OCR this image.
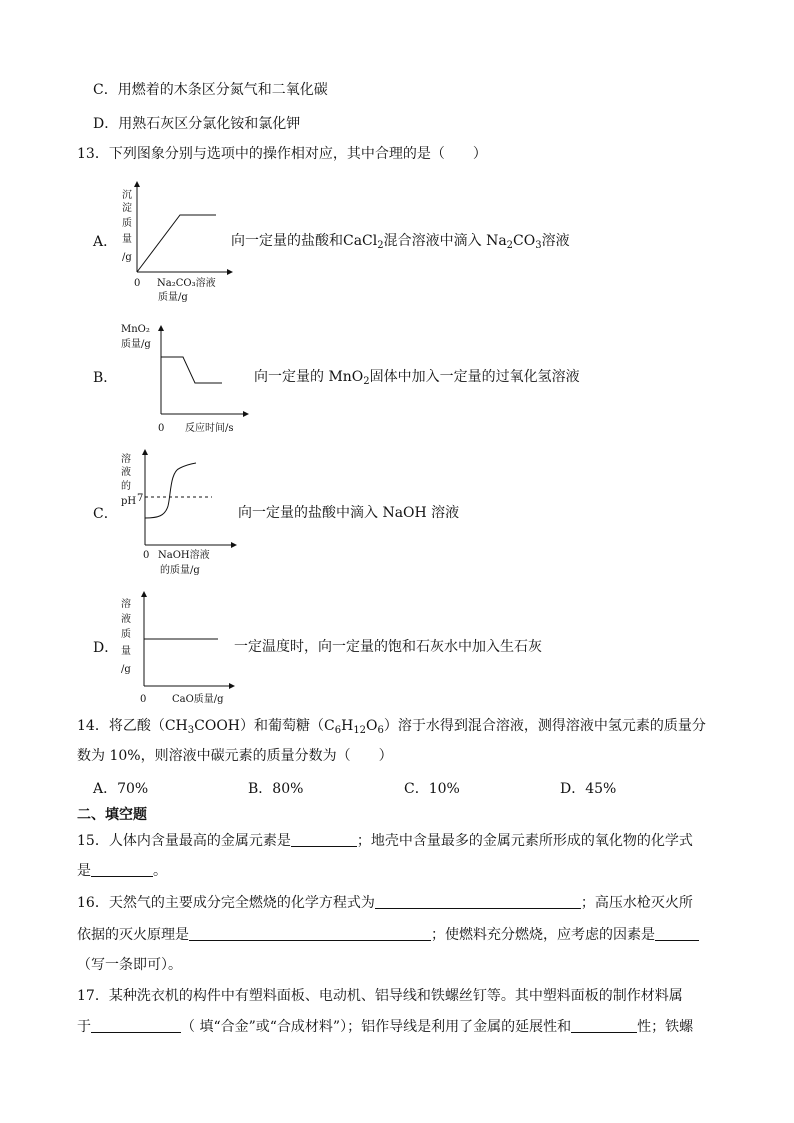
C．用燃着的木条区分氮气和二氧化碳
D．用熟石灰区分氯化铵和氯化钾
13．下列图象分别与选项中的操作相对应，其中合理的是（　　）
A．
沉
淀
质
量
/g
0 Na₂CO₃溶液
质量/g
向一定量的盐酸和CaCl$_2$混合溶液中滴入 $Na_2CO_3$溶液
B．
MnO₂
质量/g
0 反应时间/s
向一定量的 MnO$_2$固体中加入一定量的过氧化氢溶液
C．
溶
液
的
pH 7
0 NaOH溶液
的质量/g
向一定量的盐酸中滴入 NaOH 溶液
D．
溶
液
质
量
/g
0	CaO质量/g
一定温度时，向一定量的饱和石灰水中加入生石灰
14．将乙酸$(CH_3COOH)$和葡萄糖$(C_6H_{12}O_6)$溶于水得到混合溶液，测得溶液中氢元素的质量分
数为 10%，则溶液中碳元素的质量分数为（　　）
A．70%	B．80%	C．10%	D．45%
二、填空题
15．人体内含量最高的金属元素是	；地壳中含量最多的金属元素所形成的氧化物的化学式
是	。
16．天然气的主要成分完全燃烧的化学方程式为	；高压水枪灭火所
依据的灭火原理是	；使燃料充分燃烧，应考虑的因素是
（写一条即可）。
17．某种洗衣机的构件中有塑料面板、电动机、铝导线和铁螺丝钉等。其中塑料面板的制作材料属
于	（ 填“合金”或“合成材料”）；铝作导线是利用了金属的延展性和	性；铁螺
